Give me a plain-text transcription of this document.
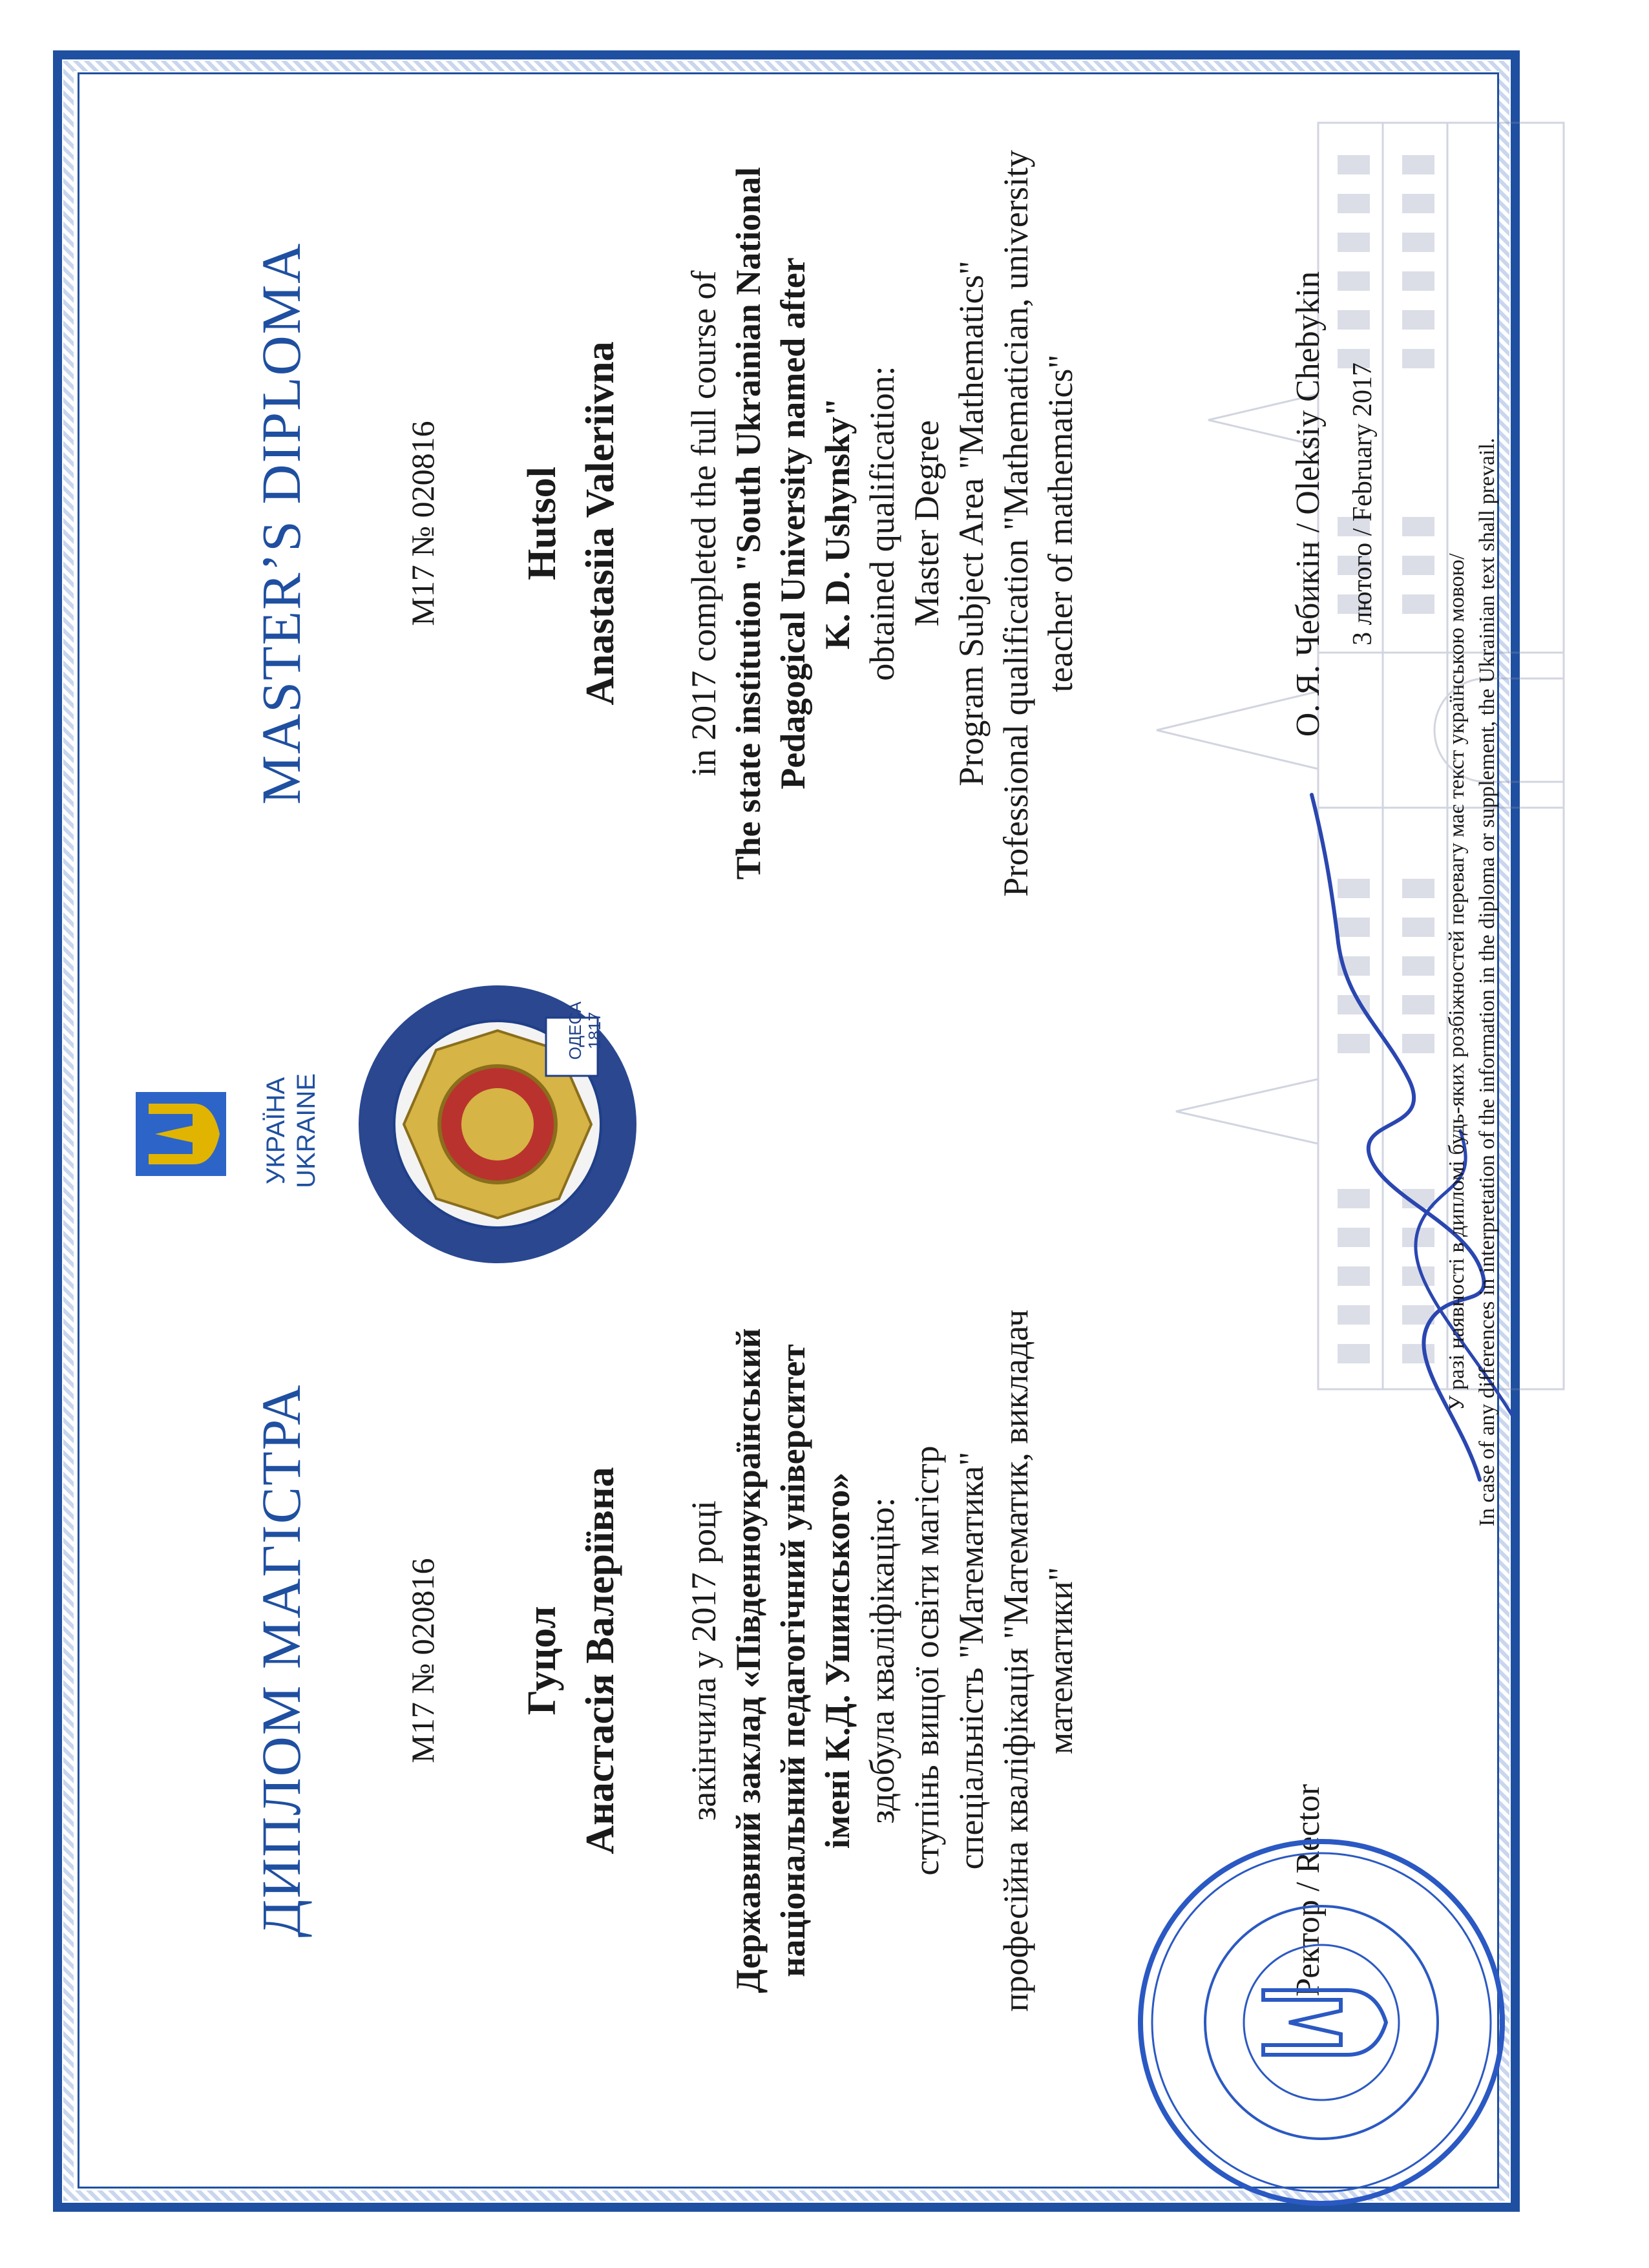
УКРАЇНА UKRAINE
ОДЕСА 1817
ДИПЛОМ МАГІСТРА	M17 № 020816 Гуцол Анастасія Валеріївна закінчила у 2017 році Державний заклад «Південноукраїнський національний педагогічний університет імені К.Д. Ушинського» здобула кваліфікацію: ступінь вищої освіти магістр спеціальність "Математика" професійна кваліфікація "Математик, викладач математики"
MASTER’S DIPLOMA	M17 № 020816 Hutsol Anastasiia Valeriivna in 2017 completed the full course of The state institution "South Ukrainian National Pedagogical University named after K. D. Ushynsky" obtained qualification: Master Degree Program Subject Area "Mathematics" Professional qualification "Mathematician, university teacher of mathematics"
Ректор / Rector
О. Я. Чебикін / Oleksiy Chebykin 3 лютого / February 2017
У разі наявності в дипломі будь-яких розбіжностей перевагу має текст українською мовою/ In case of any differences in interpretation of the information in the diploma or supplement, the Ukrainian text shall prevail.
